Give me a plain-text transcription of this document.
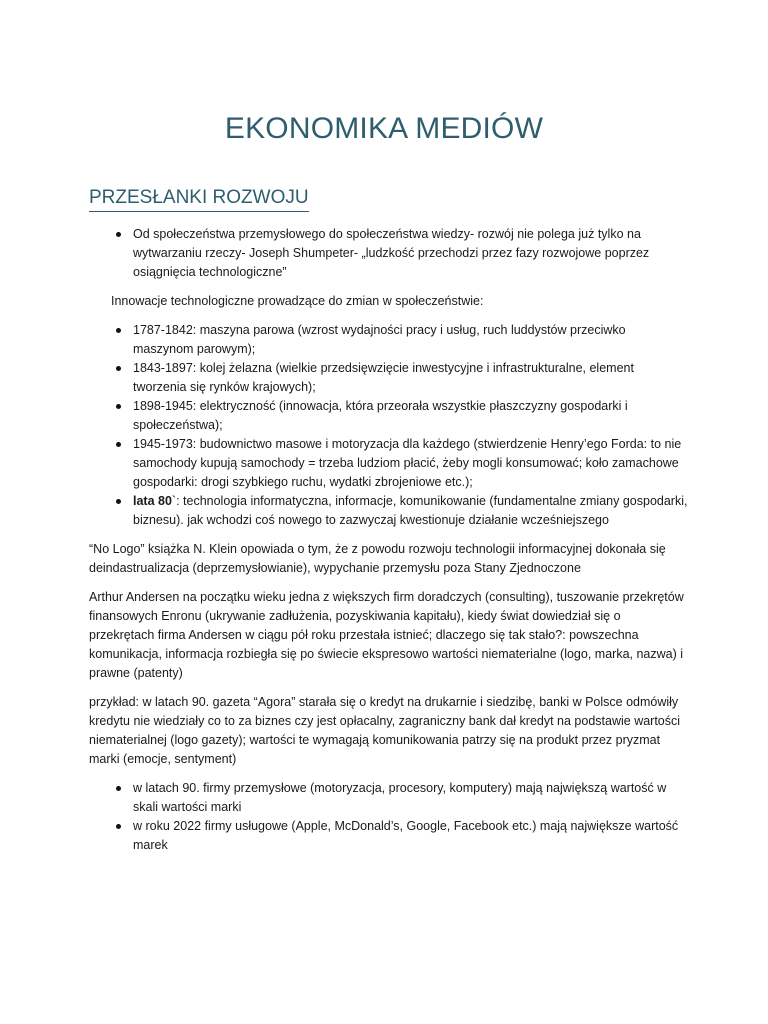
EKONOMIKA MEDIÓW
PRZESŁANKI ROZWOJU
Od społeczeństwa przemysłowego do społeczeństwa wiedzy- rozwój nie polega już tylko na wytwarzaniu rzeczy- Joseph Shumpeter- „ludzkość przechodzi przez fazy rozwojowe poprzez osiągnięcia technologiczne”

Innowacje technologiczne prowadzące do zmian w społeczeństwie:

1787-1842: maszyna parowa (wzrost wydajności pracy i usług, ruch luddystów przeciwko maszynom parowym);
1843-1897: kolej żelazna (wielkie przedsięwzięcie inwestycyjne i infrastrukturalne, element tworzenia się rynków krajowych);
1898-1945: elektryczność (innowacja, która przeorała wszystkie płaszczyzny gospodarki i społeczeństwa);
1945-1973: budownictwo masowe i motoryzacja dla każdego (stwierdzenie Henry’ego Forda: to nie samochody kupują samochody = trzeba ludziom płacić, żeby mogli konsumować; koło zamachowe gospodarki: drogi szybkiego ruchu, wydatki zbrojeniowe etc.);
lata 80`: technologia informatyczna, informacje, komunikowanie (fundamentalne zmiany gospodarki, biznesu). jak wchodzi coś nowego to zazwyczaj kwestionuje działanie wcześniejszego

“No Logo” książka N. Klein opowiada o tym, że z powodu rozwoju technologii informacyjnej dokonała się deindastrualizacja (deprzemysłowianie), wypychanie przemysłu poza Stany Zjednoczone

Arthur Andersen na początku wieku jedna z większych firm doradczych (consulting), tuszowanie przekrętów finansowych Enronu (ukrywanie zadłużenia, pozyskiwania kapitału), kiedy świat dowiedział się o przekrętach firma Andersen w ciągu pół roku przestała istnieć; dlaczego się tak stało?: powszechna komunikacja, informacja rozbiegła się po świecie ekspresowo wartości niematerialne (logo, marka, nazwa) i prawne (patenty)

przykład: w latach 90. gazeta “Agora” starała się o kredyt na drukarnie i siedzibę, banki w Polsce odmówiły kredytu nie wiedziały co to za biznes czy jest opłacalny, zagraniczny bank dał kredyt na podstawie wartości niematerialnej (logo gazety); wartości te wymagają komunikowania patrzy się na produkt przez pryzmat marki (emocje, sentyment)

w latach 90. firmy przemysłowe (motoryzacja, procesory, komputery) mają największą wartość w skali wartości marki
w roku 2022 firmy usługowe (Apple, McDonald’s, Google, Facebook etc.) mają największe wartość marek
